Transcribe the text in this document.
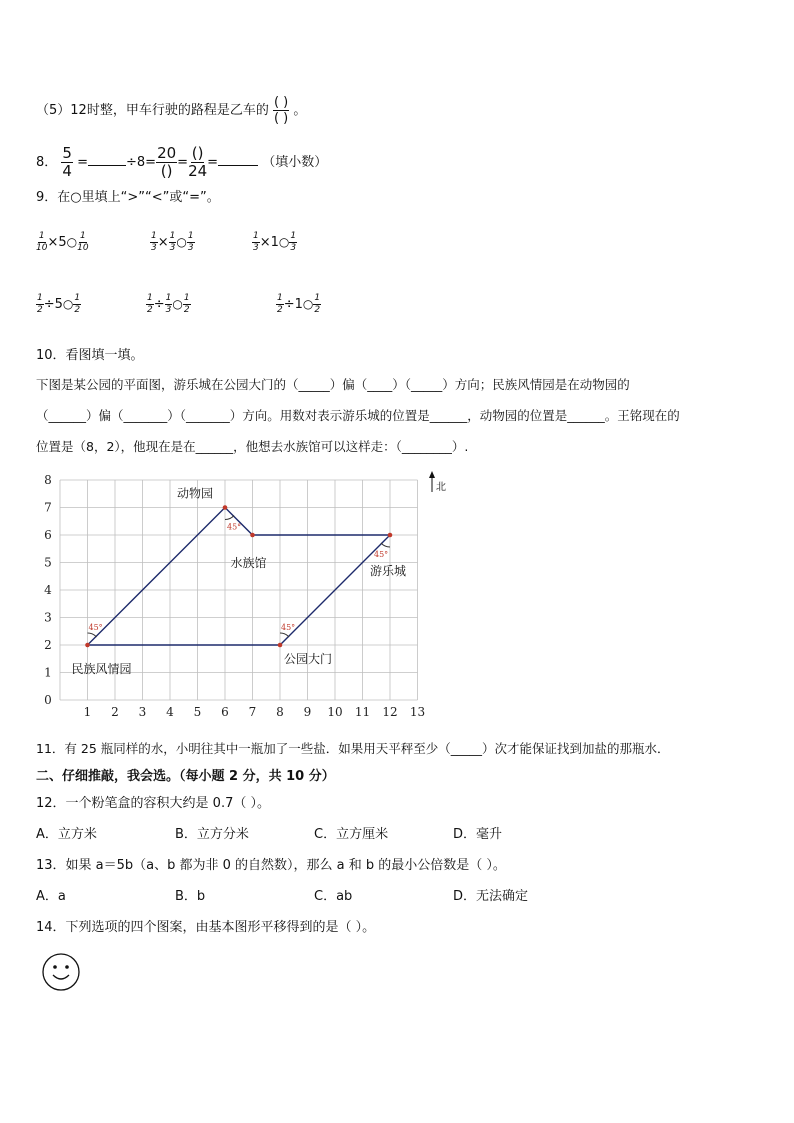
（5）12时整，甲车行驶的路程是乙车的 $\frac{( )}{( )}$ 。
8． $\frac{5}{4}$ =	$\div 8= \frac{20}{()} = \frac{()}{24}$ =	（填小数）
9．在○里填上“>”“<”或“=”。
$\frac{1}{10}$ ×5○ $\frac{1}{10}$	$\frac{1}{3} \times \frac{1}{3}$ ○ $\frac{1}{3}$	$\frac{1}{3}$ ×1○ $\frac{1}{3}$
$\frac{1}{2}$ ÷5○ $\frac{1}{2}$	$\frac{1}{2} \div \frac{1}{3}$ ○ $\frac{1}{2}$	$\frac{1}{2}$ ÷1○ $\frac{1}{2}$
10．看图填一填。
下图是某公园的平面图，游乐城在公园大门的（_____）偏（____）（_____）方向；民族风情园是在动物园的
（______）偏（_______）（_______）方向。用数对表示游乐城的位置是______，动物园的位置是______。王铭现在的
位置是（8，2），他现在是在______，他想去水族馆可以这样走：（________）.
1 2 3 4 5 6 7 8 9 10 11 12 13
0
1
2
3
4
5
6
7
8
45°
45°
45°
45°
动物园
水族馆
游乐城
公园大门
民族风情园
北
11．有 25 瓶同样的水，小明往其中一瓶加了一些盐．如果用天平秤至少（_____）次才能保证找到加盐的那瓶水．
二、仔细推敲，我会选。（每小题 2 分，共 10 分）
12．一个粉笔盒的容积大约是 0.7（ ）。
A．立方米	B．立方分米	C．立方厘米	D．毫升
13．如果 a＝5b（a、b 都为非 0 的自然数），那么 a 和 b 的最小公倍数是（ ）。
A．a	B．b	C．ab	D．无法确定
14．下列选项的四个图案，由基本图形平移得到的是（ ）。
